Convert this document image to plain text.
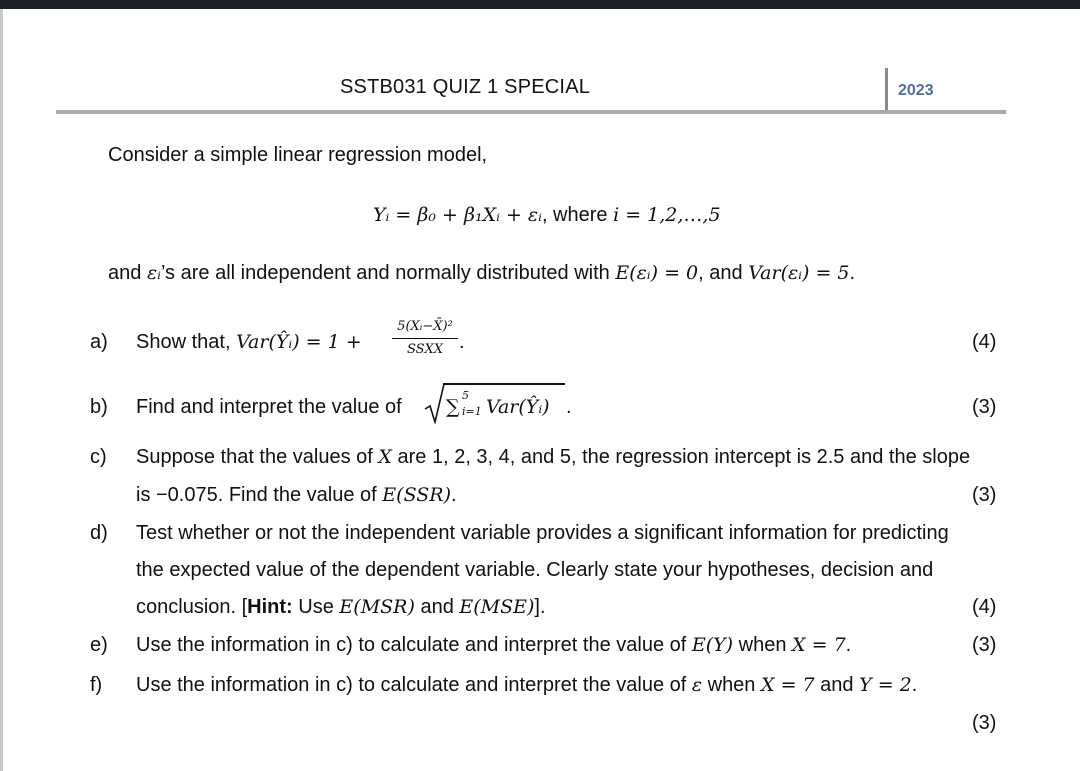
SSTB031 QUIZ 1 SPECIAL	2023
Consider a simple linear regression model,
Yᵢ = β₀ + β₁Xᵢ + εᵢ, where i = 1,2,…,5
and εᵢ’s are all independent and normally distributed with E(εᵢ) = 0, and Var(εᵢ) = 5.
a) Show that, Var(Ŷᵢ) = 1 +
5(Xᵢ−X̄)²
SSXX .	(4)
b) Find and interpret the value of ∑
5
i=1 Var(Ŷᵢ) .	(3)
c) Suppose that the values of X are 1, 2, 3, 4, and 5, the regression intercept is 2.5 and the slope
is −0.075. Find the value of E(SSR).	(3)
d) Test whether or not the independent variable provides a significant information for predicting
the expected value of the dependent variable. Clearly state your hypotheses, decision and
conclusion. [Hint: Use E(MSR) and E(MSE)].	(4)
e) Use the information in c) to calculate and interpret the value of E(Y) when X = 7.	(3)
f) Use the information in c) to calculate and interpret the value of ε when X = 7 and Y = 2.
(3)
